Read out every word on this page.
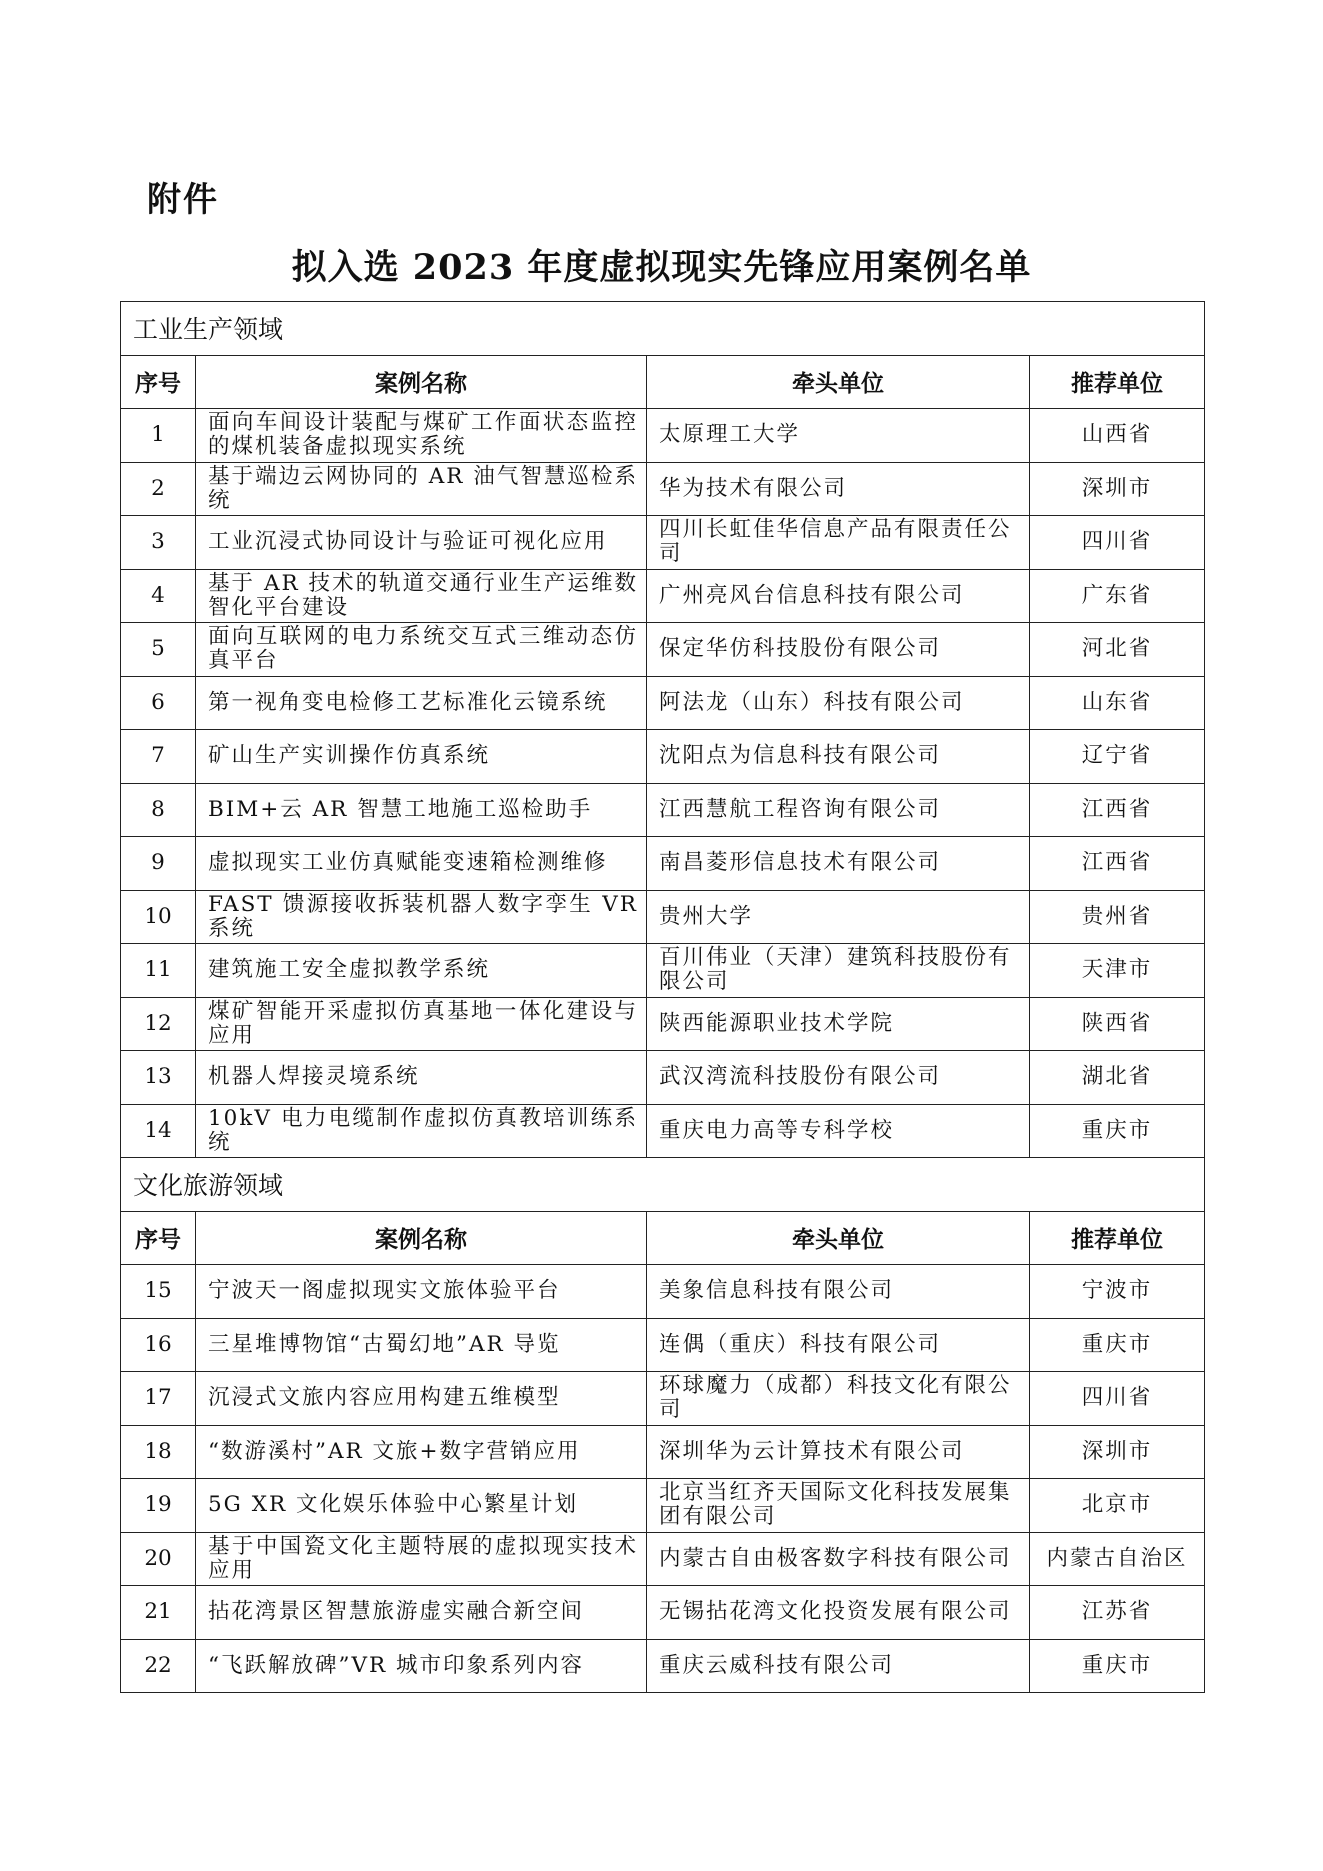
附件
拟入选 2023 年度虚拟现实先锋应用案例名单
工业生产领域			
序号	案例名称	牵头单位	推荐单位
1	面向车间设计装配与煤矿工作面状态监控的煤机装备虚拟现实系统	太原理工大学	山西省
2	基于端边云网协同的 AR 油气智慧巡检系统	华为技术有限公司	深圳市
3	工业沉浸式协同设计与验证可视化应用	四川长虹佳华信息产品有限责任公司	四川省
4	基于 AR 技术的轨道交通行业生产运维数智化平台建设	广州亮风台信息科技有限公司	广东省
5	面向互联网的电力系统交互式三维动态仿真平台	保定华仿科技股份有限公司	河北省
6	第一视角变电检修工艺标准化云镜系统	阿法龙（山东）科技有限公司	山东省
7	矿山生产实训操作仿真系统	沈阳点为信息科技有限公司	辽宁省
8	BIM+云 AR 智慧工地施工巡检助手	江西慧航工程咨询有限公司	江西省
9	虚拟现实工业仿真赋能变速箱检测维修	南昌菱形信息技术有限公司	江西省
10	FAST 馈源接收拆装机器人数字孪生 VR 系统	贵州大学	贵州省
11	建筑施工安全虚拟教学系统	百川伟业（天津）建筑科技股份有限公司	天津市
12	煤矿智能开采虚拟仿真基地一体化建设与应用	陕西能源职业技术学院	陕西省
13	机器人焊接灵境系统	武汉湾流科技股份有限公司	湖北省
14	10kV 电力电缆制作虚拟仿真教培训练系统	重庆电力高等专科学校	重庆市
文化旅游领域			
序号	案例名称	牵头单位	推荐单位
15	宁波天一阁虚拟现实文旅体验平台	美象信息科技有限公司	宁波市
16	三星堆博物馆“古蜀幻地”AR 导览	连偶（重庆）科技有限公司	重庆市
17	沉浸式文旅内容应用构建五维模型	环球魔力（成都）科技文化有限公司	四川省
18	“数游溪村”AR 文旅+数字营销应用	深圳华为云计算技术有限公司	深圳市
19	5G XR 文化娱乐体验中心繁星计划	北京当红齐天国际文化科技发展集团有限公司	北京市
20	基于中国瓷文化主题特展的虚拟现实技术应用	内蒙古自由极客数字科技有限公司	内蒙古自治区
21	拈花湾景区智慧旅游虚实融合新空间	无锡拈花湾文化投资发展有限公司	江苏省
22	“飞跃解放碑”VR 城市印象系列内容	重庆云威科技有限公司	重庆市
